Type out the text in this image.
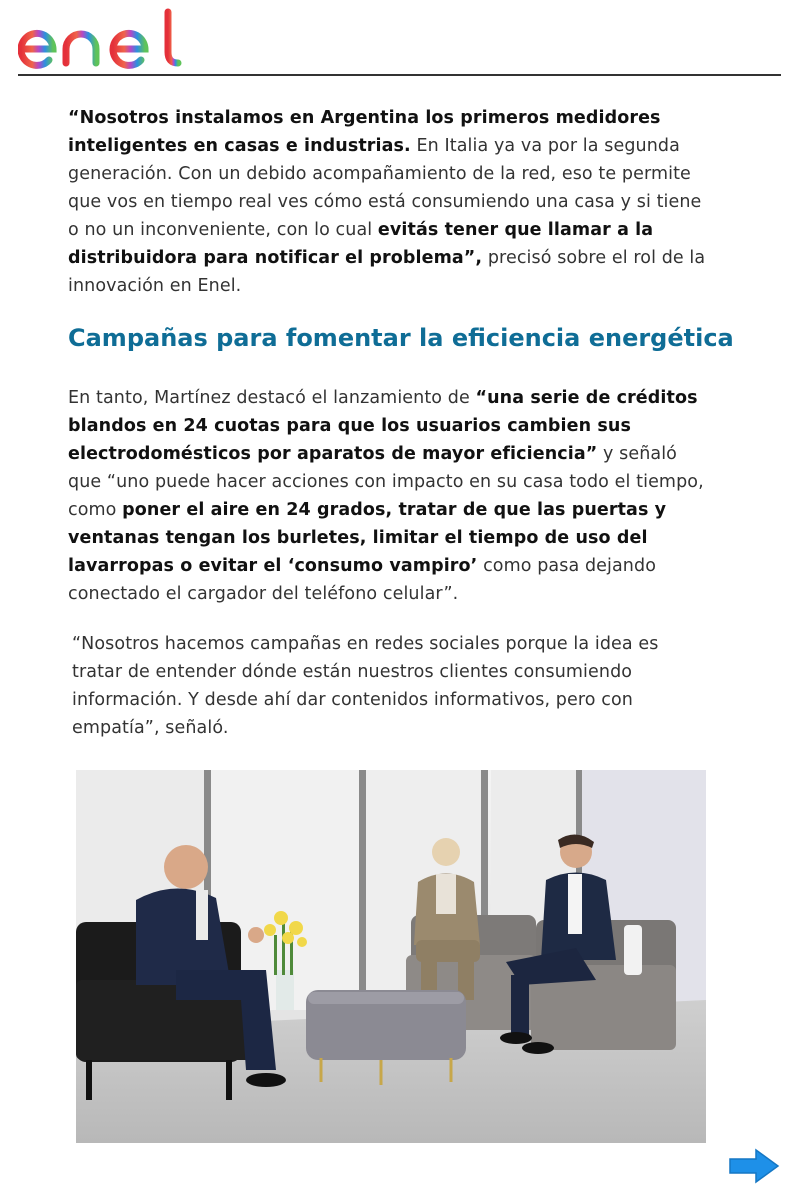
“Nosotros instalamos en Argentina los primeros medidores inteligentes en casas e industrias. En Italia ya va por la segunda generación. Con un debido acompañamiento de la red, eso te permite que vos en tiempo real ves cómo está consumiendo una casa y si tiene o no un inconveniente, con lo cual evitás tener que llamar a la distribuidora para notificar el problema”, precisó sobre el rol de la innovación en Enel.

Campañas para fomentar la eficiencia energética

En tanto, Martínez destacó el lanzamiento de “una serie de créditos blandos en 24 cuotas para que los usuarios cambien sus electrodomésticos por aparatos de mayor eficiencia” y señaló que “uno puede hacer acciones con impacto en su casa todo el tiempo, como poner el aire en 24 grados, tratar de que las puertas y ventanas tengan los burletes, limitar el tiempo de uso del lavarropas o evitar el ‘consumo vampiro’ como pasa dejando conectado el cargador del teléfono celular”.

“Nosotros hacemos campañas en redes sociales porque la idea es tratar de entender dónde están nuestros clientes consumiendo información. Y desde ahí dar contenidos informativos, pero con empatía”, señaló.
